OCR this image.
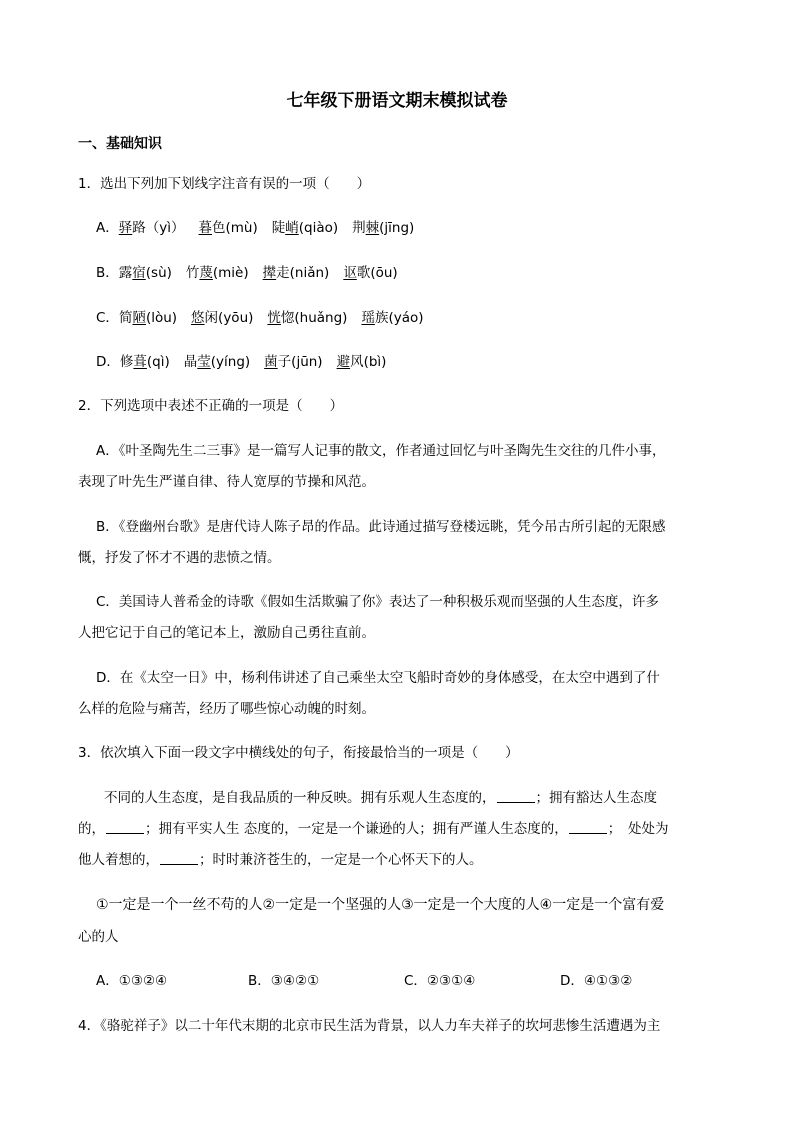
七年级下册语文期末模拟试卷
一、基础知识
1．选出下列加下划线字注音有误的一项（　　）
A．驿路（yì） 暮色(mù) 陡峭(qiào) 荆棘(jīng)
B．露宿(sù) 竹蔑(miè) 撵走(niǎn) 讴歌(ōu)
C．简陋(lòu) 悠闲(yōu) 恍惚(huǎng) 瑶族(yáo)
D．修葺(qì) 晶莹(yíng) 菌子(jūn) 避风(bì)
2．下列选项中表述不正确的一项是（　　）
A．《叶圣陶先生二三事》是一篇写人记事的散文，作者通过回忆与叶圣陶先生交往的几件小事，
表现了叶先生严谨自律、待人宽厚的节操和风范。
B．《登幽州台歌》是唐代诗人陈子昂的作品。此诗通过描写登楼远眺，凭今吊古所引起的无限感
慨，抒发了怀才不遇的悲愤之情。
C．美国诗人普希金的诗歌《假如生活欺骗了你》表达了一种积极乐观而坚强的人生态度，许多
人把它记于自己的笔记本上，激励自己勇往直前。
D．在《太空一日》中，杨利伟讲述了自己乘坐太空飞船时奇妙的身体感受，在太空中遇到了什
么样的危险与痛苦，经历了哪些惊心动魄的时刻。
3．依次填入下面一段文字中横线处的句子，衔接最恰当的一项是（　　）
不同的人生态度，是自我品质的一种反映。拥有乐观人生态度的，	；拥有豁达人生态度
的，	；拥有平实人生 态度的，一定是一个谦逊的人；拥有严谨人生态度的，	；　处处为
他人着想的，	；时时兼济苍生的，一定是一个心怀天下的人。
①一定是一个一丝不苟的人②一定是一个坚强的人③一定是一个大度的人④一定是一个富有爱
心的人
A．①③②④	B．③④②①	C．②③①④	D．④①③②
4．《骆驼祥子》以二十年代末期的北京市民生活为背景，以人力车夫祥子的坎坷悲惨生活遭遇为主
